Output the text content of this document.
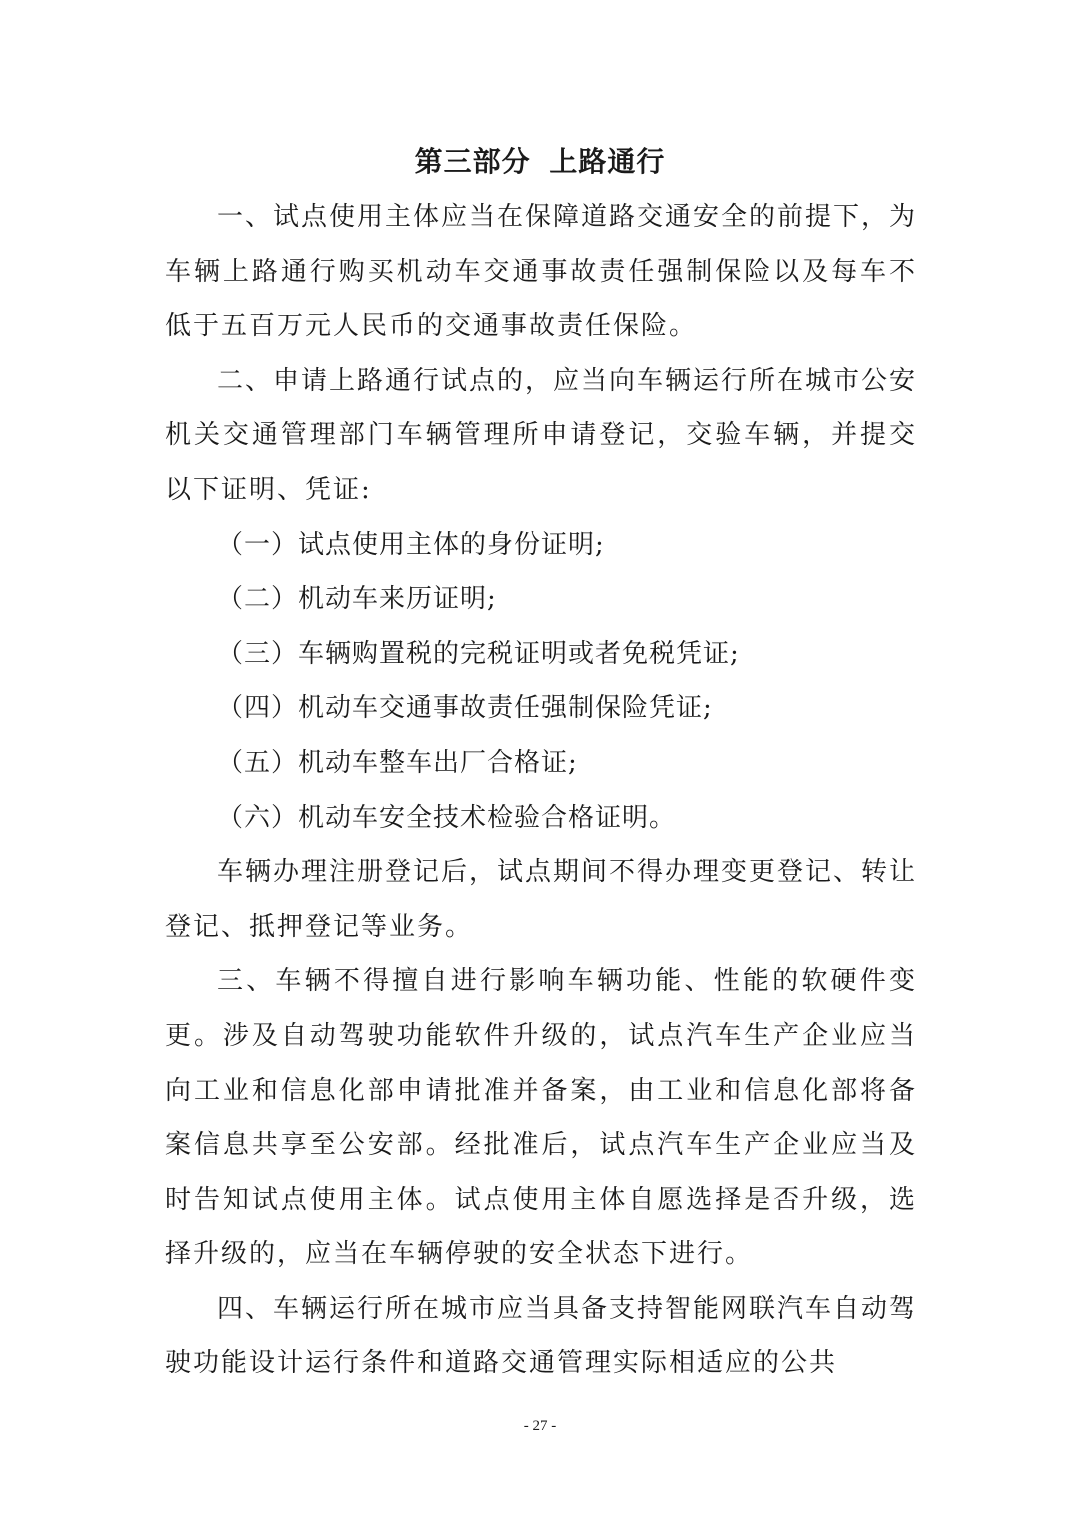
第三部分 上路通行

一、试点使用主体应当在保障道路交通安全的前提下，为车辆上路通行购买机动车交通事故责任强制保险以及每车不低于五百万元人民币的交通事故责任保险。

二、申请上路通行试点的，应当向车辆运行所在城市公安机关交通管理部门车辆管理所申请登记，交验车辆，并提交以下证明、凭证:

（一）试点使用主体的身份证明;

（二）机动车来历证明;

（三）车辆购置税的完税证明或者免税凭证;

（四）机动车交通事故责任强制保险凭证;

（五）机动车整车出厂合格证;

（六）机动车安全技术检验合格证明。

车辆办理注册登记后，试点期间不得办理变更登记、转让登记、抵押登记等业务。

三、车辆不得擅自进行影响车辆功能、性能的软硬件变更。涉及自动驾驶功能软件升级的，试点汽车生产企业应当向工业和信息化部申请批准并备案，由工业和信息化部将备案信息共享至公安部。经批准后，试点汽车生产企业应当及时告知试点使用主体。试点使用主体自愿选择是否升级，选择升级的，应当在车辆停驶的安全状态下进行。

四、车辆运行所在城市应当具备支持智能网联汽车自动驾驶功能设计运行条件和道路交通管理实际相适应的公共

- 27 -
